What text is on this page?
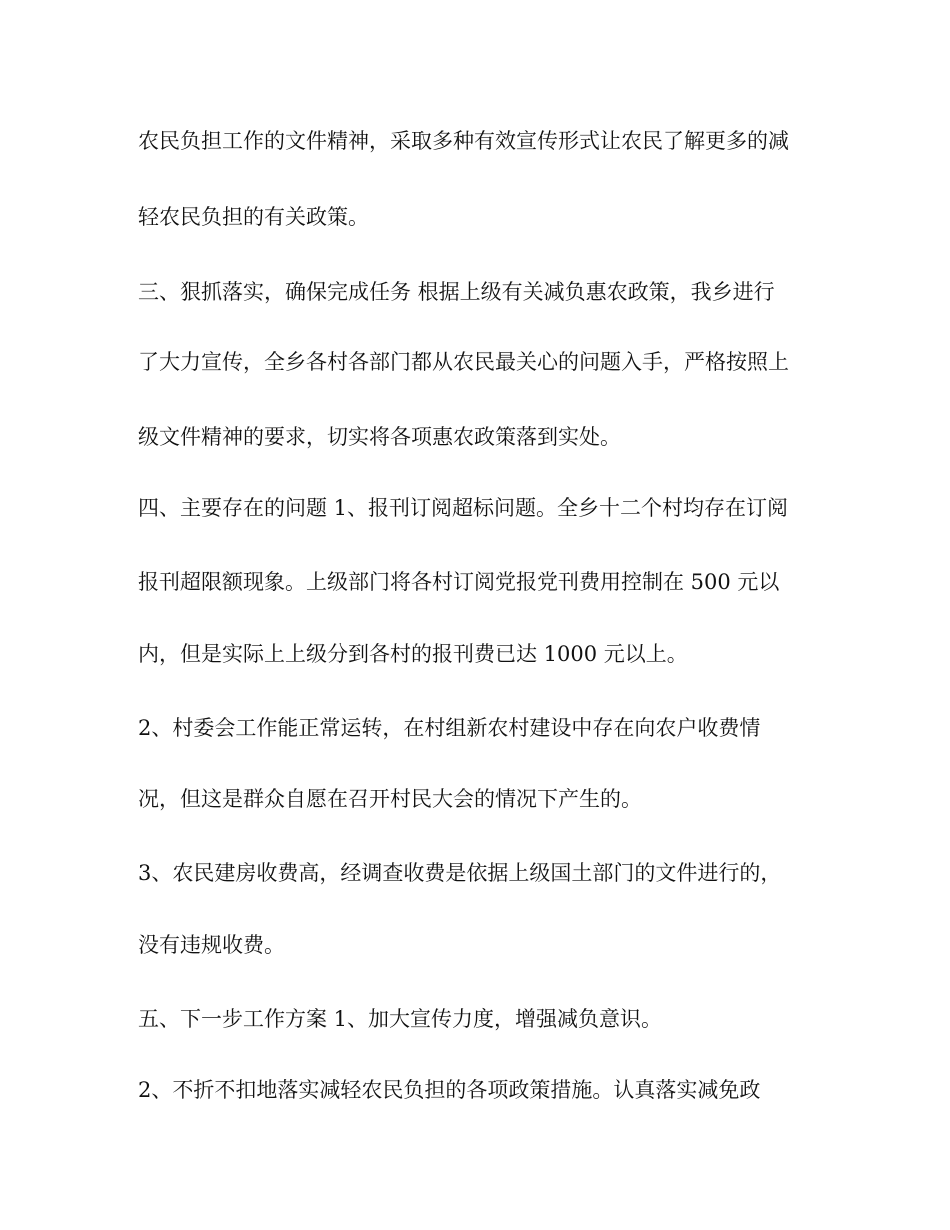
农民负担工作的文件精神，采取多种有效宣传形式让农民了解更多的减
轻农民负担的有关政策。
三、狠抓落实，确保完成任务 根据上级有关减负惠农政策，我乡进行
了大力宣传，全乡各村各部门都从农民最关心的问题入手，严格按照上
级文件精神的要求，切实将各项惠农政策落到实处。
四、主要存在的问题 1、报刊订阅超标问题。全乡十二个村均存在订阅
报刊超限额现象。上级部门将各村订阅党报党刊费用控制在 500 元以
内，但是实际上上级分到各村的报刊费已达 1000 元以上。
2、村委会工作能正常运转，在村组新农村建设中存在向农户收费情
况，但这是群众自愿在召开村民大会的情况下产生的。
3、农民建房收费高，经调查收费是依据上级国土部门的文件进行的，
没有违规收费。
五、下一步工作方案 1、加大宣传力度，增强减负意识。
2、不折不扣地落实减轻农民负担的各项政策措施。认真落实减免政
